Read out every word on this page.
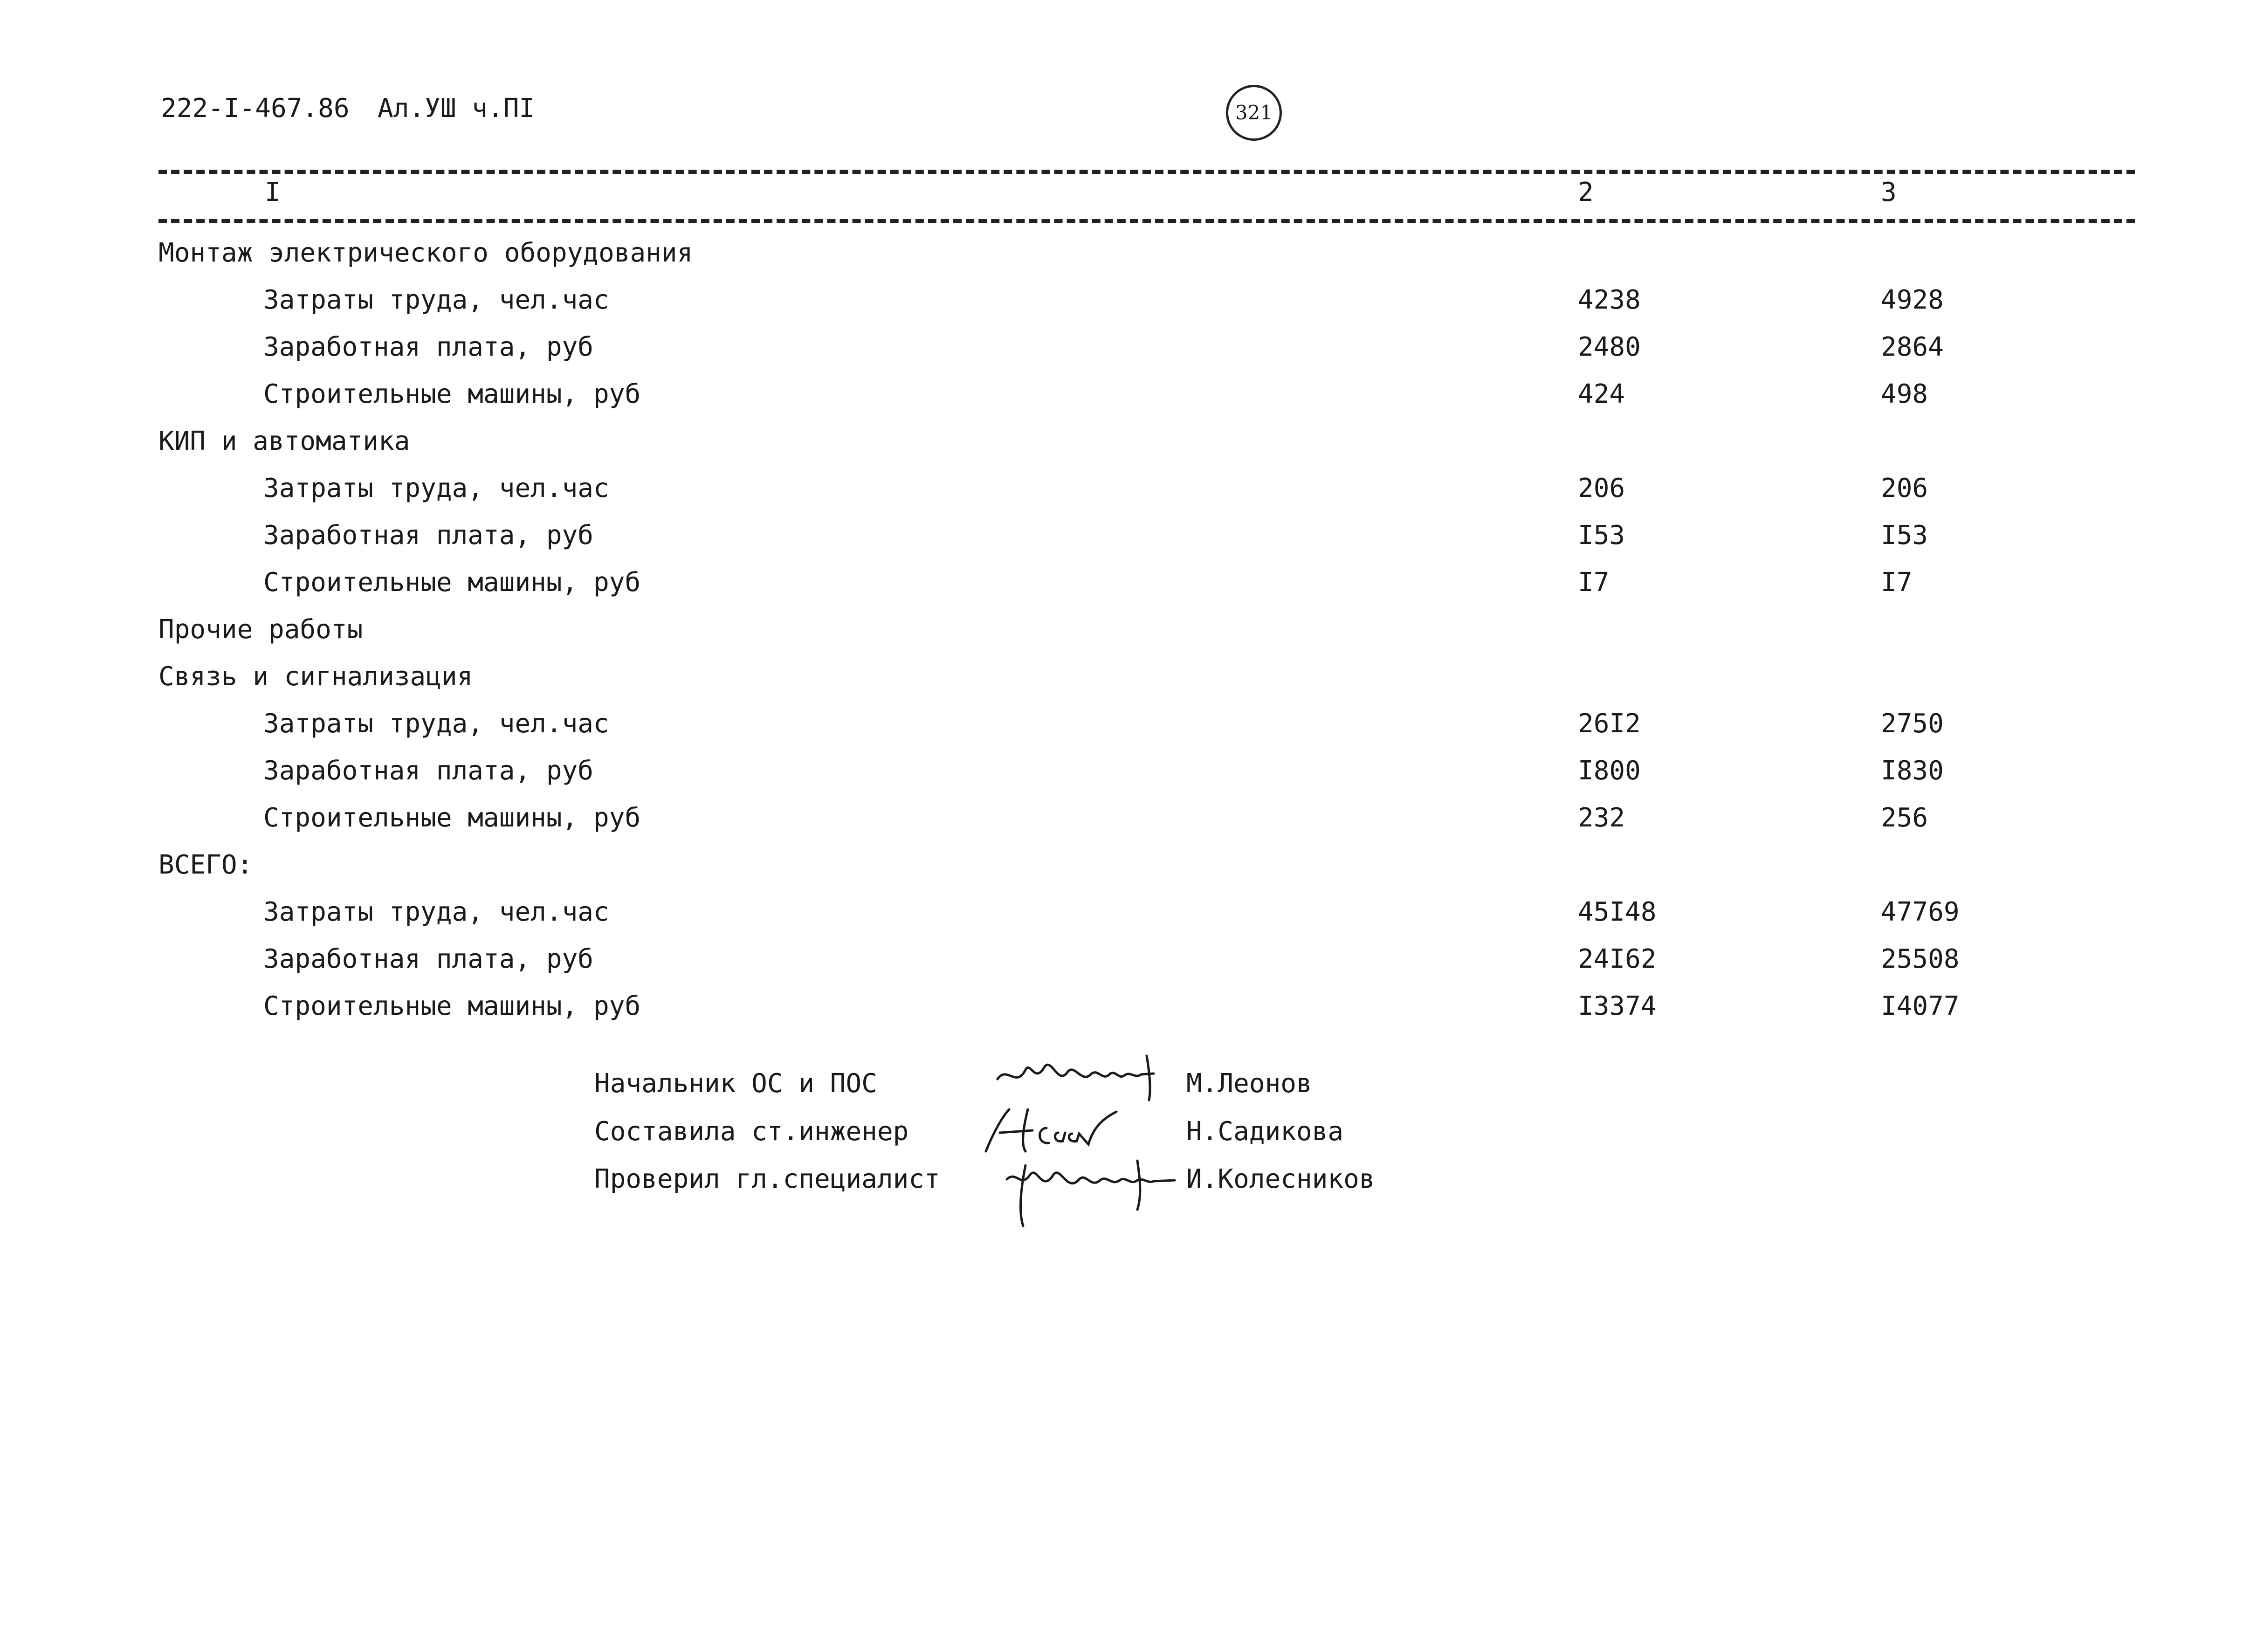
222-I-467.86 Ал.УШ ч.ПI	321
I	2	3
Монтаж электрического оборудования
Затраты труда, чел.час	4238	4928
Заработная плата, руб	2480	2864
Строительные машины, руб	424	498
КИП и автоматика
Затраты труда, чел.час	206	206
Заработная плата, руб	I53	I53
Строительные машины, руб	I7	I7
Прочие работы
Связь и сигнализация
Затраты труда, чел.час	26I2	2750
Заработная плата, руб	I800	I830
Строительные машины, руб	232	256
ВСЕГО:
Затраты труда, чел.час	45I48	47769
Заработная плата, руб	24I62	25508
Строительные машины, руб	I3374	I4077
Начальник ОС и ПОС	М.Леонов
Составила ст.инженер	Н.Садикова
Проверил гл.специалист	И.Колесников
